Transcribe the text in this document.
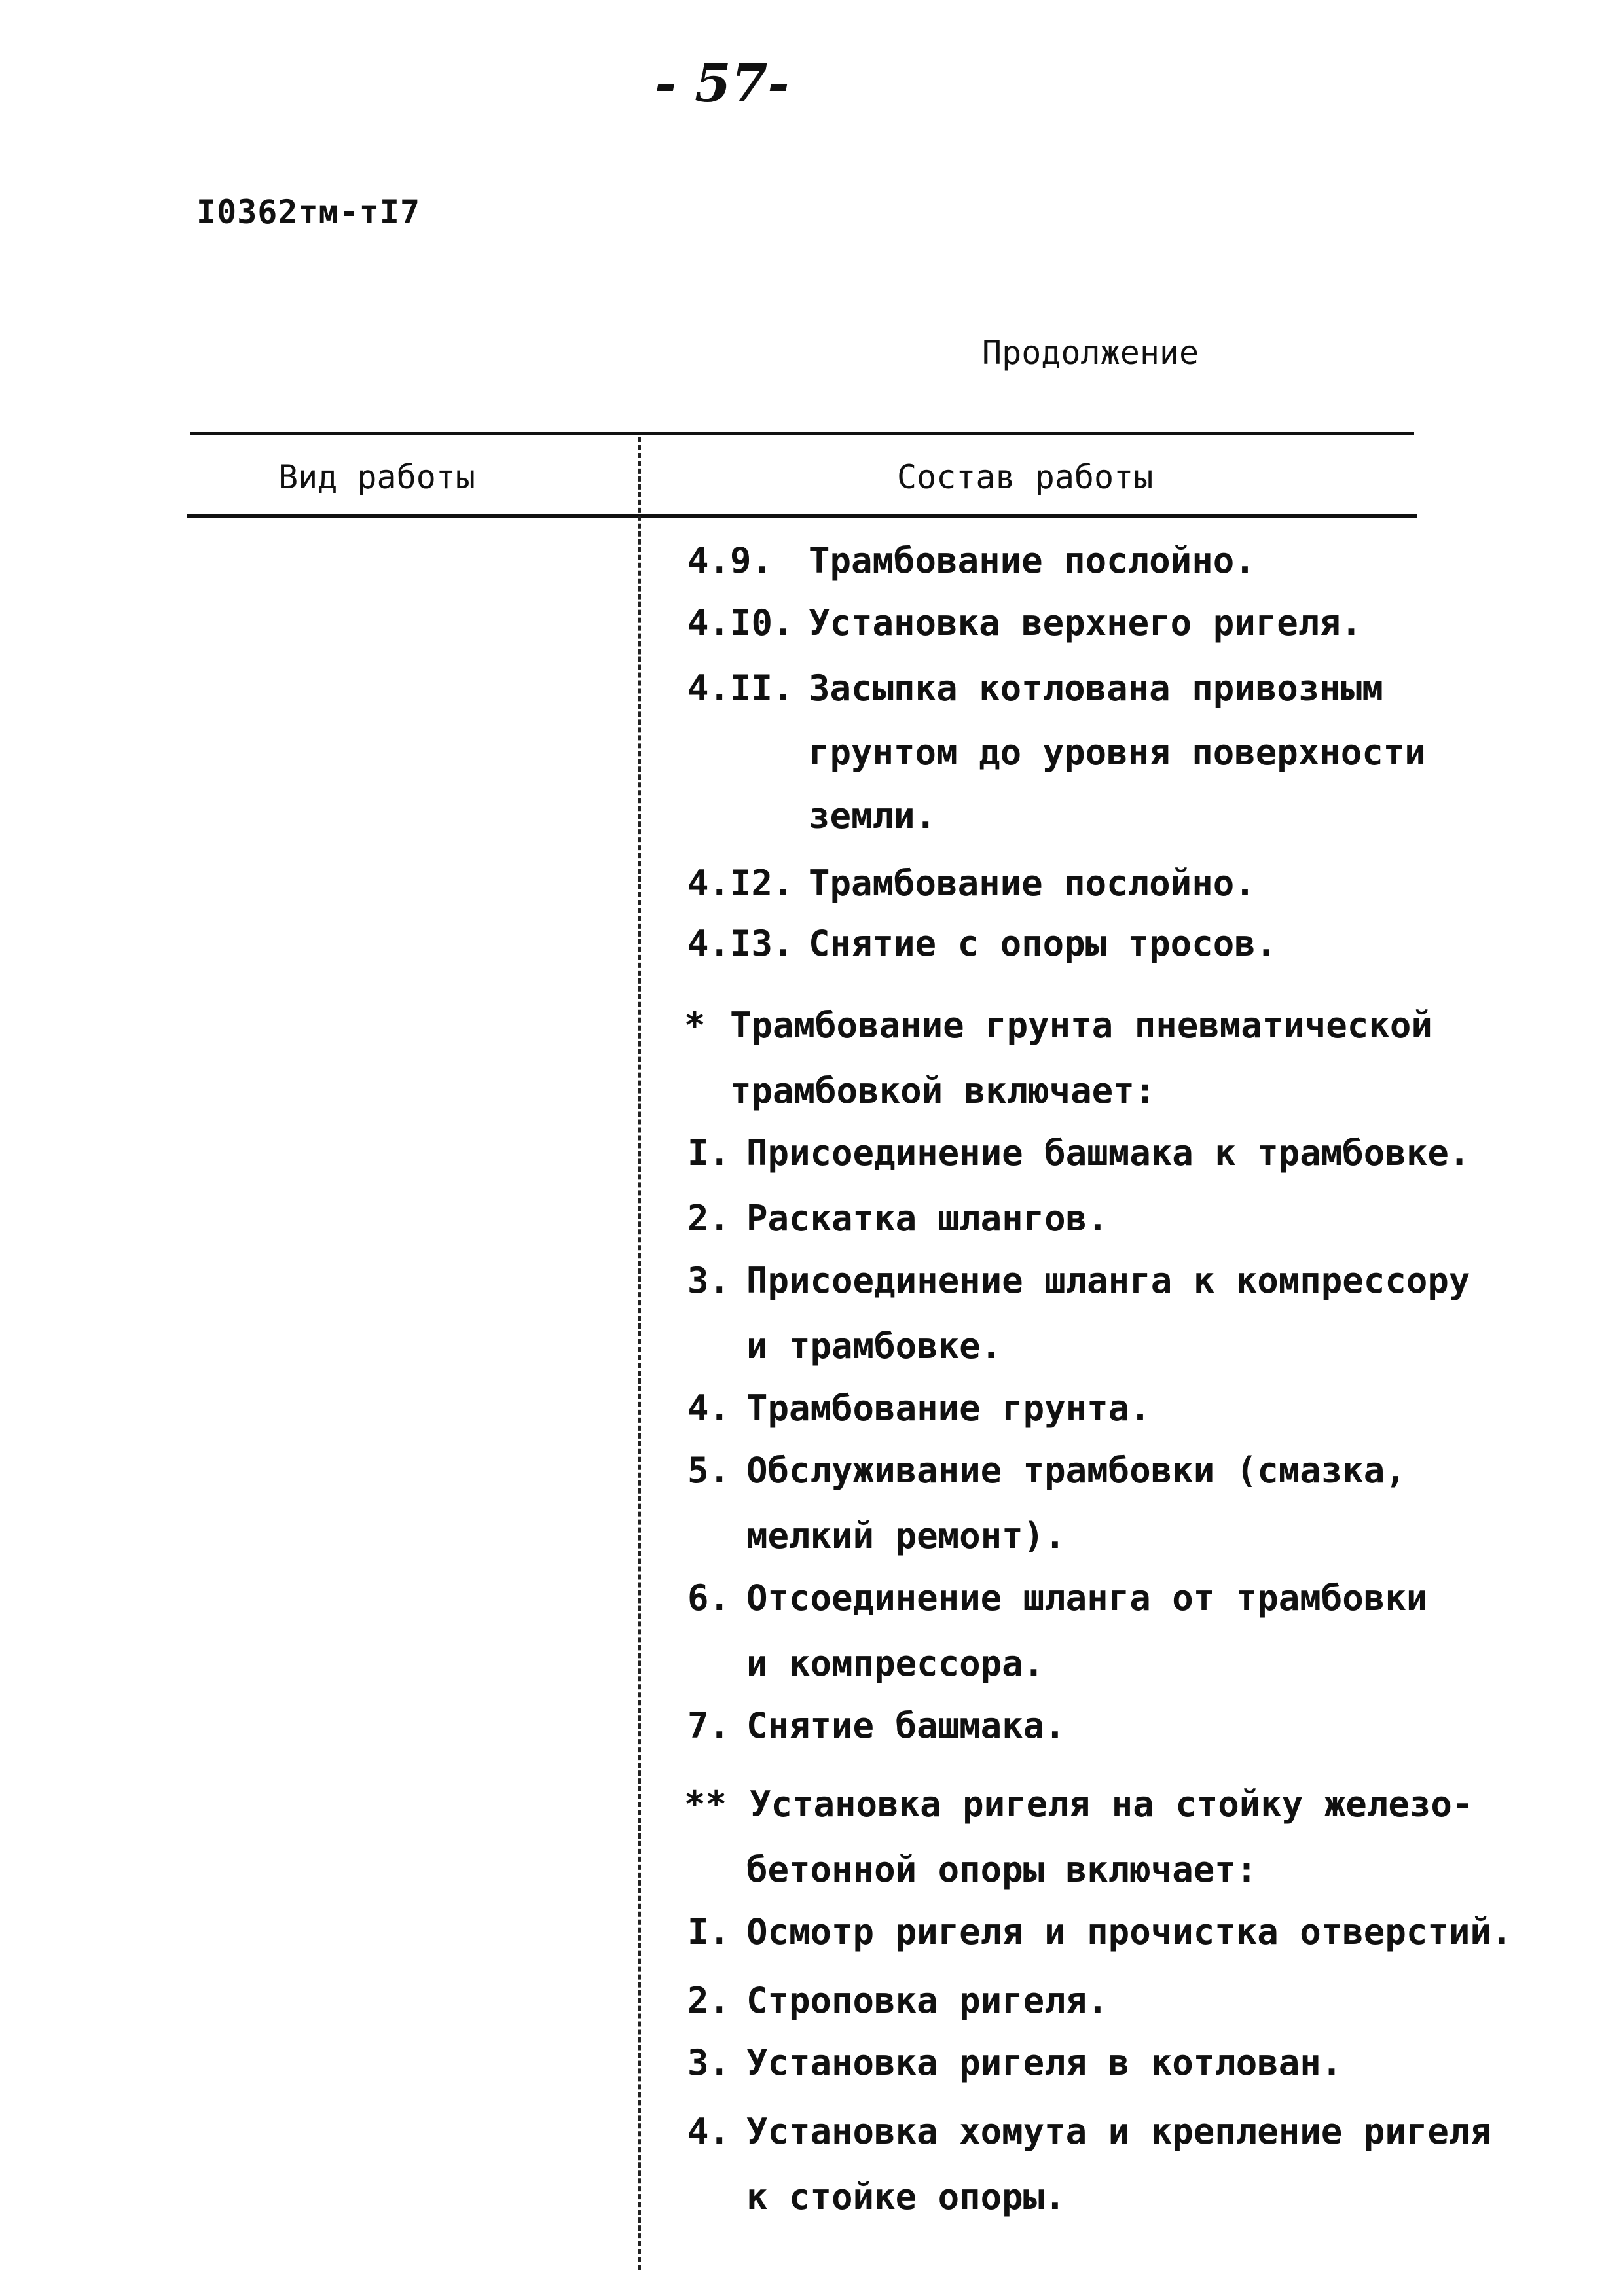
- 57-
I0362тм-тI7
Продолжение
Вид работы	Состав работы
4.9. Трамбование послойно.
4.I0. Установка верхнего ригеля.
4.II. Засыпка котлована привозным
грунтом до уровня поверхности
земли.
4.I2. Трамбование послойно.
4.I3. Снятие с опоры тросов.
* Трамбование грунта пневматической
трамбовкой включает:
I. Присоединение башмака к трамбовке.
2. Раскатка шлангов.
3. Присоединение шланга к компрессору
и трамбовке.
4. Трамбование грунта.
5. Обслуживание трамбовки (смазка,
мелкий ремонт).
6. Отсоединение шланга от трамбовки
и компрессора.
7. Снятие башмака.
** Установка ригеля на стойку железо-
бетонной опоры включает:
I. Осмотр ригеля и прочистка отверстий.
2. Строповка ригеля.
3. Установка ригеля в котлован.
4. Установка хомута и крепление ригеля
к стойке опоры.
